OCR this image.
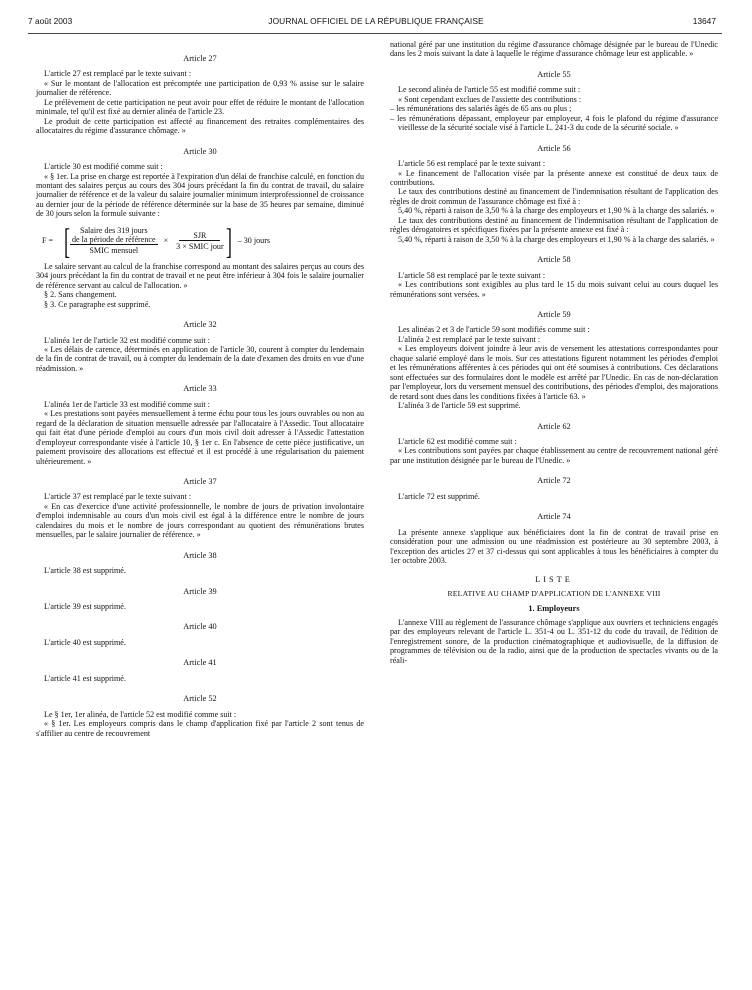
7 août 2003	JOURNAL OFFICIEL DE LA RÉPUBLIQUE FRANÇAISE	13647
Article 27

L'article 27 est remplacé par le texte suivant :

« Sur le montant de l'allocation est précomptée une participation de 0,93 % assise sur le salaire journalier de référence.

Le prélèvement de cette participation ne peut avoir pour effet de réduire le montant de l'allocation minimale, tel qu'il est fixé au dernier alinéa de l'article 23.

Le produit de cette participation est affecté au financement des retraites complémentaires des allocataires du régime d'assurance chômage. »

Article 30

L'article 30 est modifié comme suit :

« § 1er. La prise en charge est reportée à l'expiration d'un délai de franchise calculé, en fonction du montant des salaires perçus au cours des 304 jours précédant la fin du contrat de travail, du salaire journalier de référence et de la valeur du salaire journalier minimum interprofessionnel de croissance au dernier jour de la période de référence déterminée sur la base de 35 heures par semaine, diminué de 30 jours selon la formule suivante :

F = [	Salaire des 319 jours
de la période de référence
SMIC mensuel
× $\frac{\text{SJR}}{\text{3 × SMIC jour}}$ ] – 30 jours

Le salaire servant au calcul de la franchise correspond au montant des salaires perçus au cours des 304 jours précédant la fin du contrat de travail et ne peut être inférieur à 304 fois le salaire journalier de référence servant au calcul de l'allocation. »

§ 2. Sans changement.

§ 3. Ce paragraphe est supprimé.

Article 32

L'alinéa 1er de l'article 32 est modifié comme suit :

« Les délais de carence, déterminés en application de l'article 30, courent à compter du lendemain de la fin de contrat de travail, ou à compter du lendemain de la date d'examen des droits en vue d'une réadmission. »

Article 33

L'alinéa 1er de l'article 33 est modifié comme suit :

« Les prestations sont payées mensuellement à terme échu pour tous les jours ouvrables ou non au regard de la déclaration de situation mensuelle adressée par l'allocataire à l'Assedic. Tout allocataire qui fait état d'une période d'emploi au cours d'un mois civil doit adresser à l'Assedic l'attestation d'employeur correspondante visée à l'article 10, § 1er c. En l'absence de cette pièce justificative, un paiement provisoire des allocations est effectué et il est procédé à une régularisation du paiement ultérieurement. »

Article 37

L'article 37 est remplacé par le texte suivant :

« En cas d'exercice d'une activité professionnelle, le nombre de jours de privation involontaire d'emploi indemnisable au cours d'un mois civil est égal à la différence entre le nombre de jours calendaires du mois et le nombre de jours correspondant au quotient des rémunérations brutes mensuelles, par le salaire journalier de référence. »

Article 38

L'article 38 est supprimé.

Article 39

L'article 39 est supprimé.

Article 40

L'article 40 est supprimé.

Article 41

L'article 41 est supprimé.

Article 52

Le § 1er, 1er alinéa, de l'article 52 est modifié comme suit :

« § 1er. Les employeurs compris dans le champ d'application fixé par l'article 2 sont tenus de s'affilier au centre de recouvrement

national géré par une institution du régime d'assurance chômage désignée par le bureau de l'Unedic dans les 2 mois suivant la date à laquelle le régime d'assurance chômage leur est applicable. »

Article 55

Le second alinéa de l'article 55 est modifié comme suit :

« Sont cependant exclues de l'assiette des contributions :

– les rémunérations des salariés âgés de 65 ans ou plus ;

– les rémunérations dépassant, employeur par employeur, 4 fois le plafond du régime d'assurance vieillesse de la sécurité sociale visé à l'article L. 241-3 du code de la sécurité sociale. »

Article 56

L'article 56 est remplacé par le texte suivant :

« Le financement de l'allocation visée par la présente annexe est constitué de deux taux de contributions.

Le taux des contributions destiné au financement de l'indemnisation résultant de l'application des règles de droit commun de l'assurance chômage est fixé à :

5,40 %, réparti à raison de 3,50 % à la charge des employeurs et 1,90 % à la charge des salariés. »

Le taux des contributions destiné au financement de l'indemnisation résultant de l'application de règles dérogatoires et spécifiques fixées par la présente annexe est fixé à :

5,40 %, réparti à raison de 3,50 % à la charge des employeurs et 1,90 % à la charge des salariés. »

Article 58

L'article 58 est remplacé par le texte suivant :

« Les contributions sont exigibles au plus tard le 15 du mois suivant celui au cours duquel les rémunérations sont versées. »

Article 59

Les alinéas 2 et 3 de l'article 59 sont modifiés comme suit :

L'alinéa 2 est remplacé par le texte suivant :

« Les employeurs doivent joindre à leur avis de versement les attestations correspondantes pour chaque salarié employé dans le mois. Sur ces attestations figurent notamment les périodes d'emploi et les rémunérations afférentes à ces périodes qui ont été soumises à contributions. Ces déclarations sont effectuées sur des formulaires dont le modèle est arrêté par l'Unedic. En cas de non-déclaration par l'employeur, lors du versement mensuel des contributions, des périodes d'emploi, des majorations de retard sont dues dans les conditions fixées à l'article 63. »

L'alinéa 3 de l'article 59 est supprimé.

Article 62

L'article 62 est modifié comme suit :

« Les contributions sont payées par chaque établissement au centre de recouvrement national géré par une institution désignée par le bureau de l'Unedic. »

Article 72

L'article 72 est supprimé.

Article 74

La présente annexe s'applique aux bénéficiaires dont la fin de contrat de travail prise en considération pour une admission ou une réadmission est postérieure au 30 septembre 2003, à l'exception des articles 27 et 37 ci-dessus qui sont applicables à tous les bénéficiaires à compter du 1er octobre 2003.

LISTE
RELATIVE AU CHAMP D'APPLICATION DE L'ANNEXE VIII
1. Employeurs

L'annexe VIII au règlement de l'assurance chômage s'applique aux ouvriers et techniciens engagés par des employeurs relevant de l'article L. 351-4 ou L. 351-12 du code du travail, de l'édition de l'enregistrement sonore, de la production cinématographique et audiovisuelle, de la diffusion de programmes de télévision ou de la radio, ainsi que de la production de spectacles vivants ou de la réali-
